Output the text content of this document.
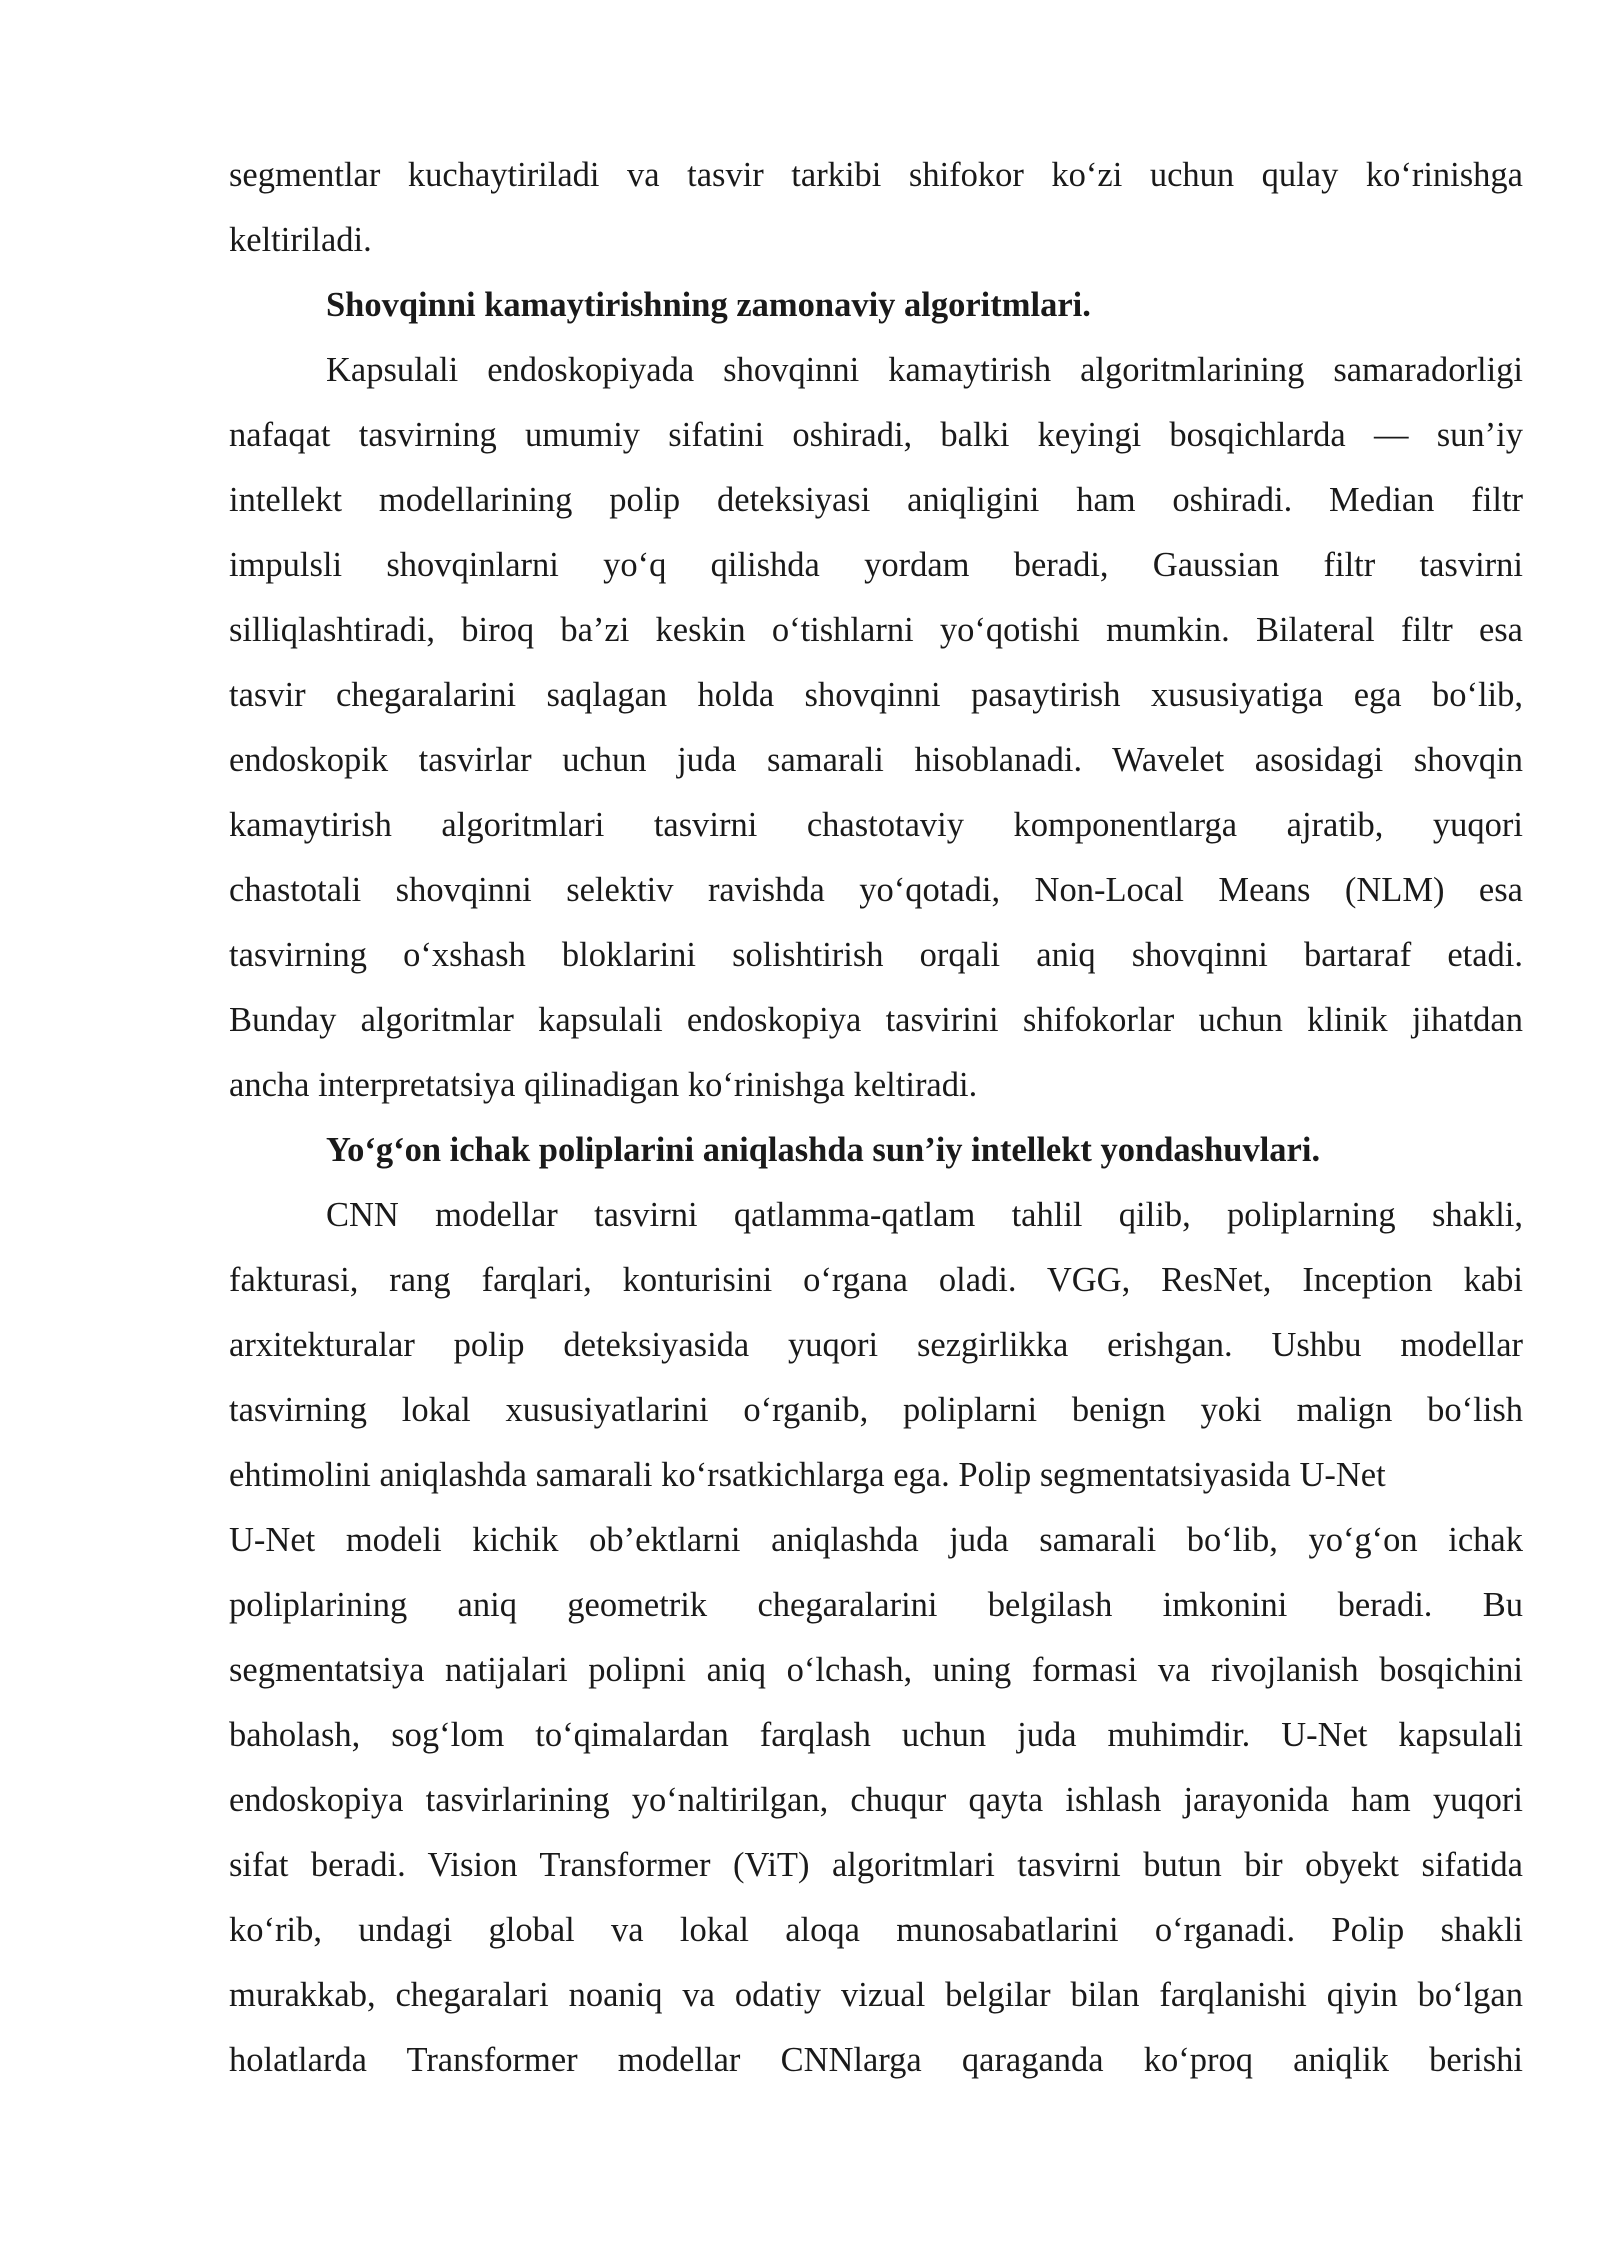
segmentlar kuchaytiriladi va tasvir tarkibi shifokor ko‘zi uchun qulay ko‘rinishga
keltiriladi.
Shovqinni kamaytirishning zamonaviy algoritmlari.
Kapsulali endoskopiyada shovqinni kamaytirish algoritmlarining samaradorligi
nafaqat tasvirning umumiy sifatini oshiradi, balki keyingi bosqichlarda — sun’iy
intellekt modellarining polip deteksiyasi aniqligini ham oshiradi. Median filtr
impulsli shovqinlarni yo‘q qilishda yordam beradi, Gaussian filtr tasvirni
silliqlashtiradi, biroq ba’zi keskin o‘tishlarni yo‘qotishi mumkin. Bilateral filtr esa
tasvir chegaralarini saqlagan holda shovqinni pasaytirish xususiyatiga ega bo‘lib,
endoskopik tasvirlar uchun juda samarali hisoblanadi. Wavelet asosidagi shovqin
kamaytirish algoritmlari tasvirni chastotaviy komponentlarga ajratib, yuqori
chastotali shovqinni selektiv ravishda yo‘qotadi, Non-Local Means (NLM) esa
tasvirning o‘xshash bloklarini solishtirish orqali aniq shovqinni bartaraf etadi.
Bunday algoritmlar kapsulali endoskopiya tasvirini shifokorlar uchun klinik jihatdan
ancha interpretatsiya qilinadigan ko‘rinishga keltiradi.
Yo‘g‘on ichak poliplarini aniqlashda sun’iy intellekt yondashuvlari.
CNN modellar tasvirni qatlamma-qatlam tahlil qilib, poliplarning shakli,
fakturasi, rang farqlari, konturisini o‘rgana oladi. VGG, ResNet, Inception kabi
arxitekturalar polip deteksiyasida yuqori sezgirlikka erishgan. Ushbu modellar
tasvirning lokal xususiyatlarini o‘rganib, poliplarni benign yoki malign bo‘lish
ehtimolini aniqlashda samarali ko‘rsatkichlarga ega. Polip segmentatsiyasida U-Net
U-Net modeli kichik ob’ektlarni aniqlashda juda samarali bo‘lib, yo‘g‘on ichak
poliplarining aniq geometrik chegaralarini belgilash imkonini beradi. Bu
segmentatsiya natijalari polipni aniq o‘lchash, uning formasi va rivojlanish bosqichini
baholash, sog‘lom to‘qimalardan farqlash uchun juda muhimdir. U-Net kapsulali
endoskopiya tasvirlarining yo‘naltirilgan, chuqur qayta ishlash jarayonida ham yuqori
sifat beradi. Vision Transformer (ViT) algoritmlari tasvirni butun bir obyekt sifatida
ko‘rib, undagi global va lokal aloqa munosabatlarini o‘rganadi. Polip shakli
murakkab, chegaralari noaniq va odatiy vizual belgilar bilan farqlanishi qiyin bo‘lgan
holatlarda Transformer modellar CNNlarga qaraganda ko‘proq aniqlik berishi
